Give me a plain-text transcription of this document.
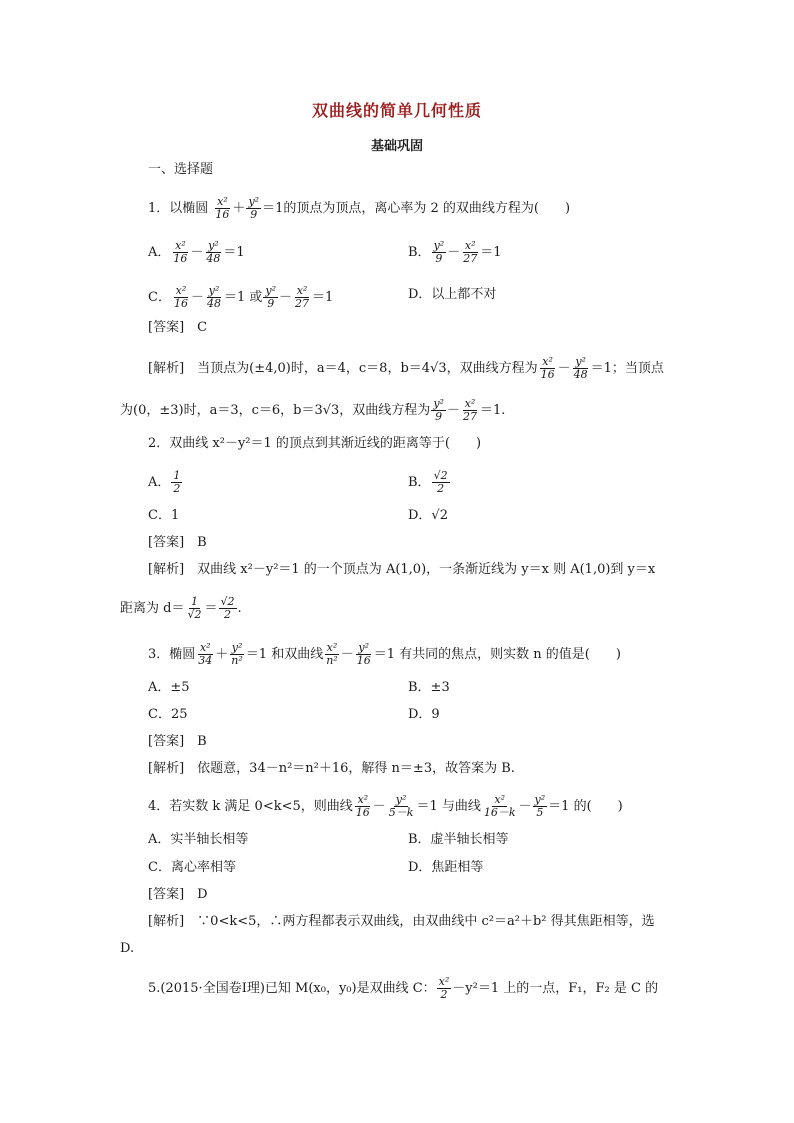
双曲线的简单几何性质
基础巩固
一、选择题
1．以椭圆 $\frac{\text{x²}}{16} + \frac{\text{y²}}{9} =1$的顶点为顶点，离心率为 2 的双曲线方程为(　　)
A． $\frac{\text{x²}}{16} - \frac{\text{y²}}{48} =1$	B． $\frac{\text{y²}}{9} - \frac{\text{x²}}{27} =1$
C． $\frac{\text{x²}}{16} - \frac{\text{y²}}{48} =1$ 或 $\frac{\text{y²}}{9} - \frac{\text{x²}}{27} =1$	D．以上都不对
[答案]　 C
[解析]　 当顶点为(±4,0)时，a＝4，c＝8，b＝4√3，双曲线方程为 $\frac{\text{x²}}{16} - \frac{\text{y²}}{48} =1$；当顶点
为(0，±3)时，a＝3，c＝6，b＝3√3，双曲线方程为 $\frac{\text{y²}}{9} - \frac{\text{x²}}{27} =1$.
2．双曲线 x²－y²＝1 的顶点到其渐近线的距离等于(　　)
A． $\frac{1}{2}$	B． $\frac{√2}{2}$
C．1	D．√2
[答案]　 B
[解析]　 双曲线 x²－y²＝1 的一个顶点为 A(1,0)，一条渐近线为 y＝x 则 A(1,0)到 y＝x
距离为 $d= \frac{1}{√2} = \frac{√2}{2}$ .
3．椭圆 $\frac{\text{x²}}{34} + \frac{\text{y²}}{\text{n²}} =1$ 和双曲线 $\frac{\text{x²}}{\text{n²}} - \frac{\text{y²}}{16} =1$ 有共同的焦点，则实数 n 的值是(　　)
A．±5	B．±3
C．25	D．9
[答案]　 B
[解析]　 依题意，34－n²＝n²＋16，解得 n＝±3，故答案为 B.
4．若实数 k 满足 0<k<5，则曲线 $\frac{\text{x²}}{16} - \frac{\text{y²}}{5-k} =1$ 与曲线 $\frac{\text{x²}}{16-k} - \frac{\text{y²}}{5} =1$ 的(　　)
A．实半轴长相等	B．虚半轴长相等
C．离心率相等	D．焦距相等
[答案]　 D
[解析]　 ∵0<k<5，∴两方程都表示双曲线，由双曲线中 c²＝a²＋b² 得其焦距相等，选
D.
5.(2015·全国卷Ⅰ理)已知 M(x₀，y₀)是双曲线 C： $\frac{\text{x²}}{2} -y^2=1$ 上的一点，F₁，F₂ 是 C 的
